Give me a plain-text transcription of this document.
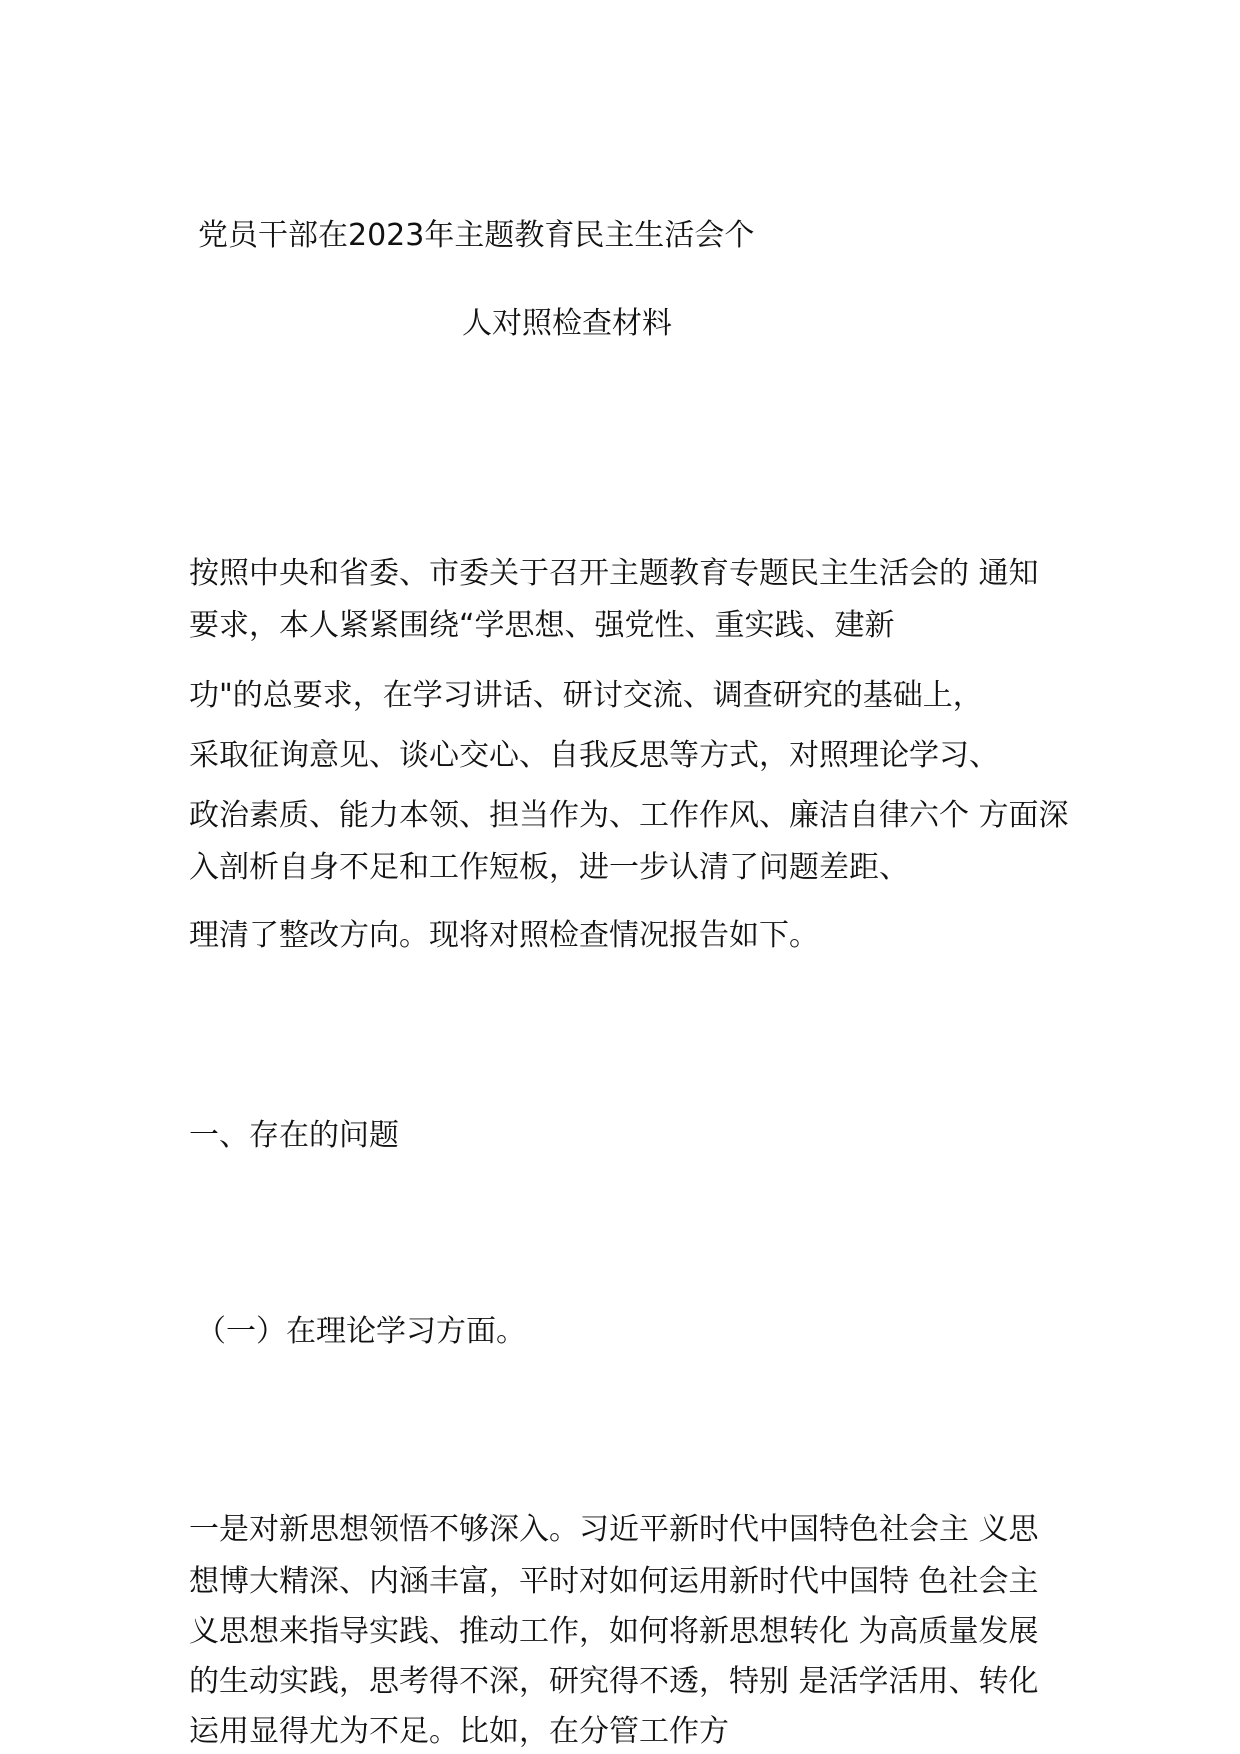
党员干部在2023年主题教育民主生活会个
人对照检查材料
按照中央和省委、市委关于召开主题教育专题民主生活会的 通知
要求，本人紧紧围绕“学思想、强党性、重实践、建新
功"的总要求，在学习讲话、研讨交流、调查研究的基础上，
采取征询意见、谈心交心、自我反思等方式，对照理论学习、
政治素质、能力本领、担当作为、工作作风、廉洁自律六个 方面深
入剖析自身不足和工作短板，进一步认清了问题差距、
理清了整改方向。现将对照检查情况报告如下。
一、存在的问题
（一）在理论学习方面。
一是对新思想领悟不够深入。习近平新时代中国特色社会主 义思
想博大精深、内涵丰富，平时对如何运用新时代中国特 色社会主
义思想来指导实践、推动工作，如何将新思想转化 为高质量发展
的生动实践，思考得不深，研究得不透，特别 是活学活用、转化
运用显得尤为不足。比如，在分管工作方
